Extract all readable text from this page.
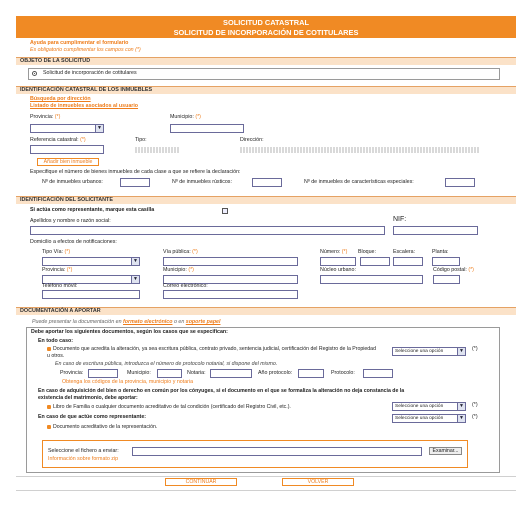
SOLICITUD CATASTRAL
SOLICITUD DE INCORPORACIÓN DE COTITULARES
Ayuda para cumplimentar el formulario
Es obligatorio cumplimentar los campos con (*)
OBJETO DE LA SOLICITUD
Solicitud de incorporación de cotitulares
IDENTIFICACIÓN CATASTRAL DE LOS INMUEBLES
Búsqueda por dirección
Listado de inmuebles asociados al usuario
Provincia: (*)
▼
Municipio: (*)
Referencia catastral: (*)	Tipo:	Dirección:
Añadir bien inmueble
Especifique el número de bienes inmuebles de cada clase a que se refiere la declaración:
Nº de inmuebles urbanos:	Nº de inmuebles rústicos:	Nº de inmuebles de características especiales:
IDENTIFICACIÓN DEL SOLICITANTE
Si actúa como representante, marque esta casilla
Apellidos y nombre o razón social:	NIF:
Domicilio a efectos de notificaciones:
Tipo Vía: (*)
▼
Vía pública: (*)	Número: (*) Bloque:	Escalera:	Planta:
Provincia: (*)
▼
Municipio: (*)	Núcleo urbano:	Código postal: (*)
Teléfono móvil:	Correo electrónico:
DOCUMENTACIÓN A APORTAR
Puede presentar la documentación en formato electrónico o en soporte papel
Debe aportar los siguientes documentos, según los casos que se especifican:
En todo caso:
Documento que acredita la alteración, ya sea escritura pública, contrato privado, sentencia judicial, certificación del Registro de la Propiedad u otros.
Seleccione una opción	▼ (*)
En caso de escritura pública, introduzca el número de protocolo notarial, si dispone del mismo.
Provincia:	Municipio:	Notaria:	Año protocolo:	Protocolo:
Obtenga los códigos de la provincia, municipio y notaria
En caso de adquisición del bien o derecho en común por los cónyuges, si el documento en el que se formaliza la alteración no deja constancia de la existencia del matrimonio, debe aportar:
Libro de Familia o cualquier documento acreditativo de tal condición (certificado del Registro Civil, etc.).	Seleccione una opción	▼ (*)
En caso de que actúe como representante:	Seleccione una opción	▼ (*)
Documento acreditativo de la representación.
Seleccione el fichero a enviar:	Examinar...
Información sobre formato zip
CONTINUAR	VOLVER
